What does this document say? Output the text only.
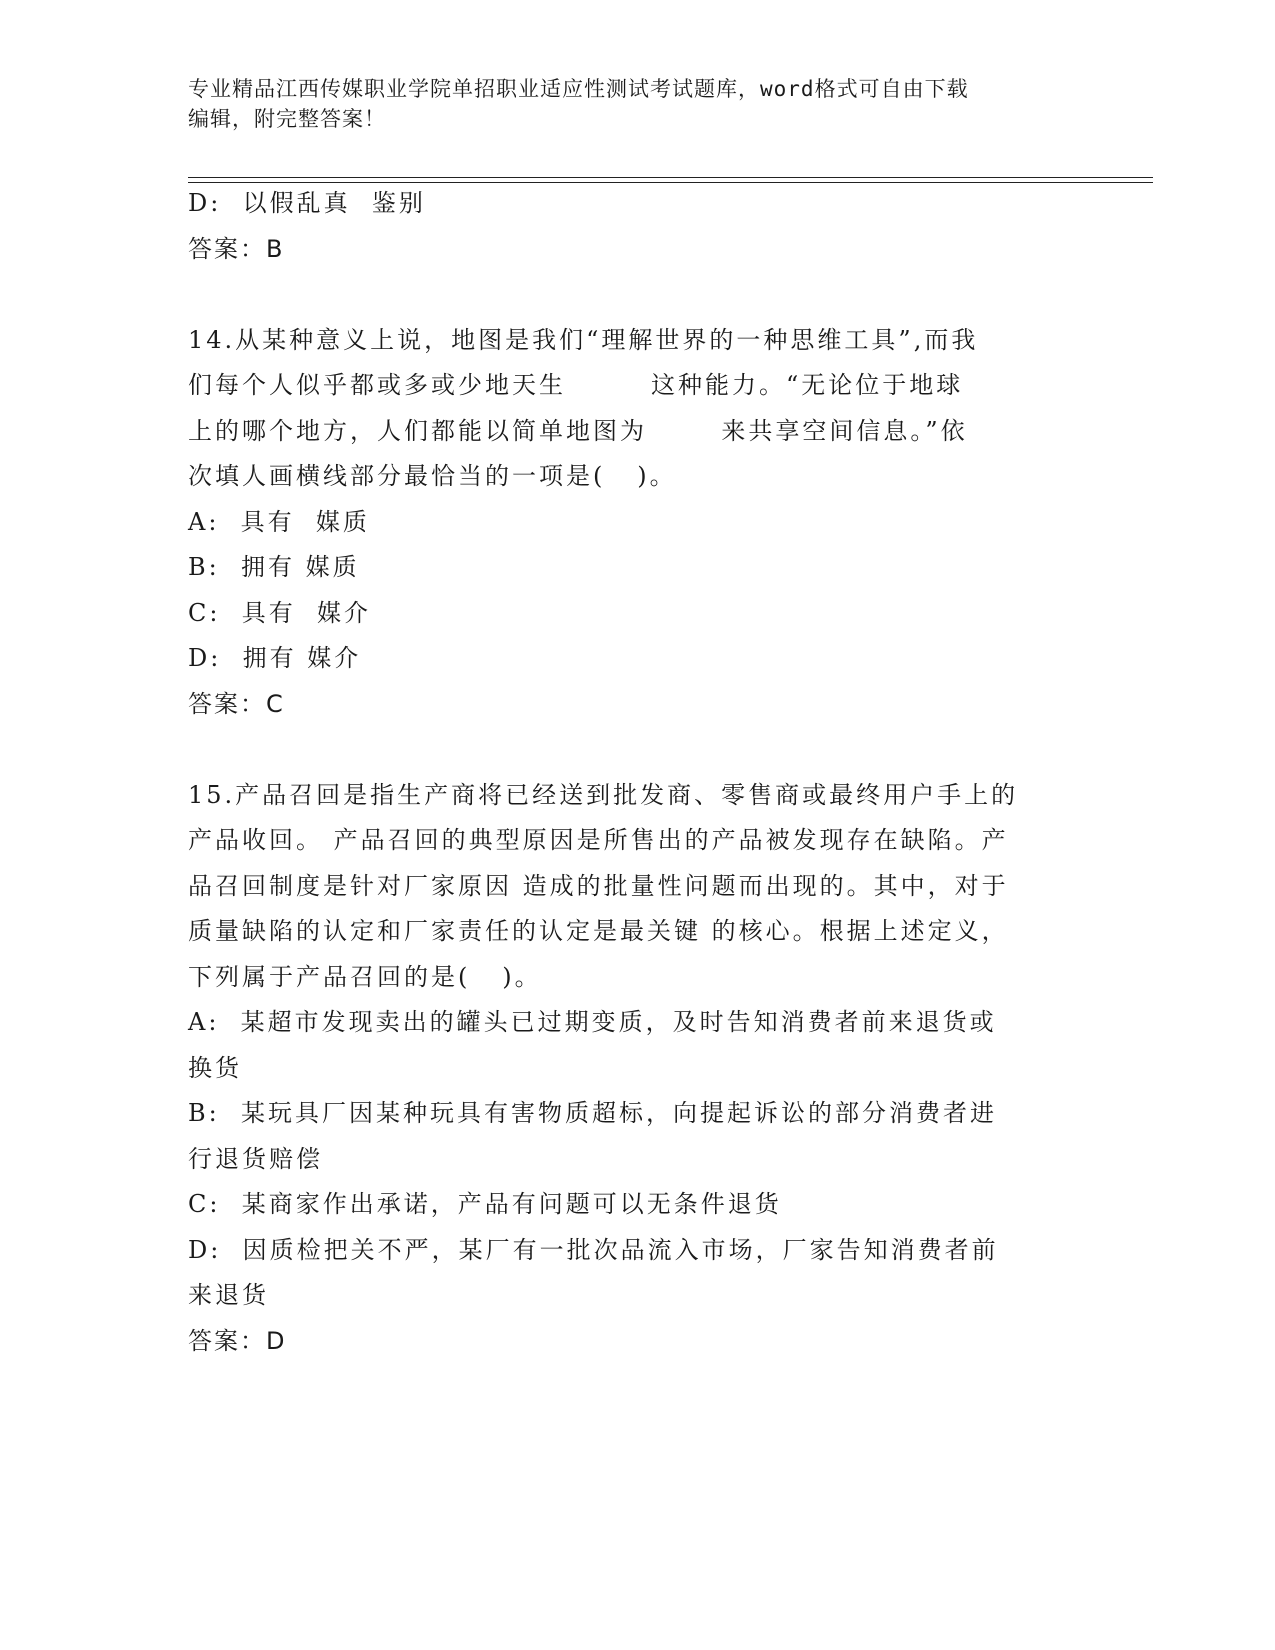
专业精品江西传媒职业学院单招职业适应性测试考试题库，word格式可自由下载
编辑，附完整答案！
D:  以假乱真  鉴别
答案：B
14.从某种意义上说，地图是我们“理解世界的一种思维工具”,而我
们每个人似乎都或多或少地天生        这种能力。“无论位于地球
上的哪个地方，人们都能以简单地图为       来共享空间信息。”依
次填人画横线部分最恰当的一项是(   )。
A:  具有  媒质
B:  拥有 媒质
C:  具有  媒介
D:  拥有 媒介
答案：C
15.产品召回是指生产商将已经送到批发商、零售商或最终用户手上的
产品收回。 产品召回的典型原因是所售出的产品被发现存在缺陷。产
品召回制度是针对厂家原因 造成的批量性问题而出现的。其中，对于
质量缺陷的认定和厂家责任的认定是最关键 的核心。根据上述定义，
下列属于产品召回的是(   )。
A:  某超市发现卖出的罐头已过期变质，及时告知消费者前来退货或
换货
B:  某玩具厂因某种玩具有害物质超标，向提起诉讼的部分消费者进
行退货赔偿
C:  某商家作出承诺，产品有问题可以无条件退货
D:  因质检把关不严，某厂有一批次品流入市场，厂家告知消费者前
来退货
答案：D
